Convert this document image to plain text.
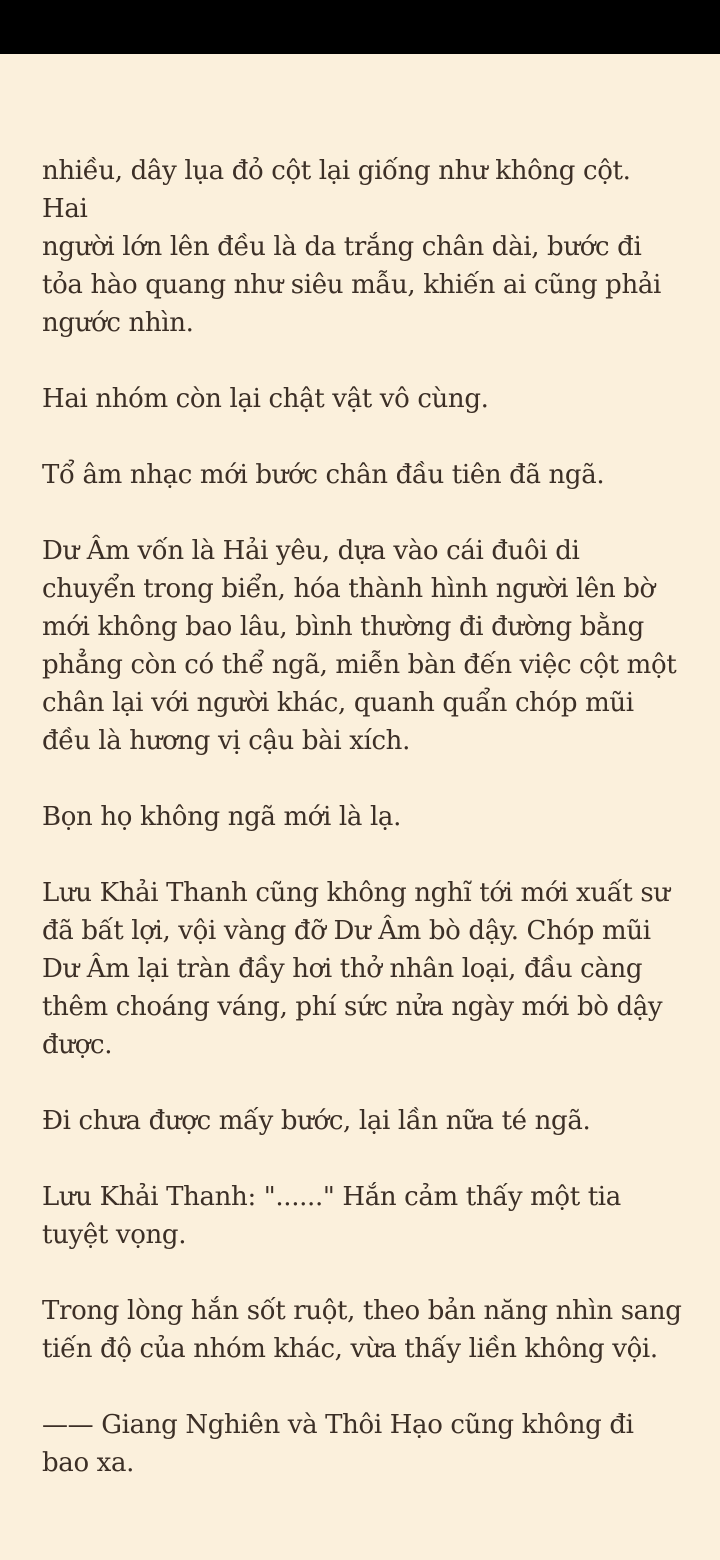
nhiều, dây lụa đỏ cột lại giống như không cột. Hai
người lớn lên đều là da trắng chân dài, bước đi
tỏa hào quang như siêu mẫu, khiến ai cũng phải
ngước nhìn.

Hai nhóm còn lại chật vật vô cùng.

Tổ âm nhạc mới bước chân đầu tiên đã ngã.

Dư Âm vốn là Hải yêu, dựa vào cái đuôi di
chuyển trong biển, hóa thành hình người lên bờ
mới không bao lâu, bình thường đi đường bằng
phẳng còn có thể ngã, miễn bàn đến việc cột một
chân lại với người khác, quanh quẩn chóp mũi
đều là hương vị cậu bài xích.

Bọn họ không ngã mới là lạ.

Lưu Khải Thanh cũng không nghĩ tới mới xuất sư
đã bất lợi, vội vàng đỡ Dư Âm bò dậy. Chóp mũi
Dư Âm lại tràn đầy hơi thở nhân loại, đầu càng
thêm choáng váng, phí sức nửa ngày mới bò dậy
được.

Đi chưa được mấy bước, lại lần nữa té ngã.

Lưu Khải Thanh: "......" Hắn cảm thấy một tia
tuyệt vọng.

Trong lòng hắn sốt ruột, theo bản năng nhìn sang
tiến độ của nhóm khác, vừa thấy liền không vội.

—— Giang Nghiên và Thôi Hạo cũng không đi
bao xa.
